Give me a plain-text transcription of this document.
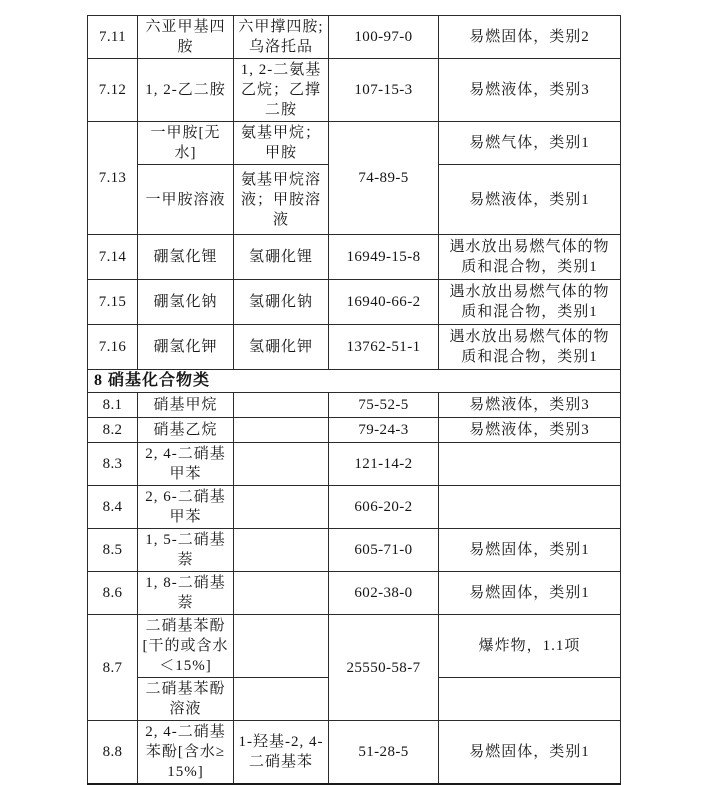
7.11	六亚甲基四胺	六甲撑四胺;乌洛托品	100-97-0	易燃固体，类别2
7.12	1, 2-乙二胺	1, 2-二氨基乙烷；乙撑二胺	107-15-3	易燃液体，类别3
7.13	一甲胺[无水]	氨基甲烷；甲胺	74-89-5	易燃气体，类别1
	一甲胺溶液	氨基甲烷溶液；甲胺溶液		易燃液体，类别1
7.14	硼氢化锂	氢硼化锂	16949-15-8	遇水放出易燃气体的物质和混合物，类别1
7.15	硼氢化钠	氢硼化钠	16940-66-2	遇水放出易燃气体的物质和混合物，类别1
7.16	硼氢化钾	氢硼化钾	13762-51-1	遇水放出易燃气体的物质和混合物，类别1
8 硝基化合物类				
8.1	硝基甲烷		75-52-5	易燃液体，类别3
8.2	硝基乙烷		79-24-3	易燃液体，类别3
8.3	2, 4-二硝基甲苯		121-14-2	
8.4	2, 6-二硝基甲苯		606-20-2	
8.5	1, 5-二硝基萘		605-71-0	易燃固体，类别1
8.6	1, 8-二硝基萘		602-38-0	易燃固体，类别1
8.7	二硝基苯酚[干的或含水＜15%]		25550-58-7	爆炸物，1.1项
	二硝基苯酚溶液			
8.8	2, 4-二硝基苯酚[含水≥15%]	1-羟基-2, 4-二硝基苯	51-28-5	易燃固体，类别1
